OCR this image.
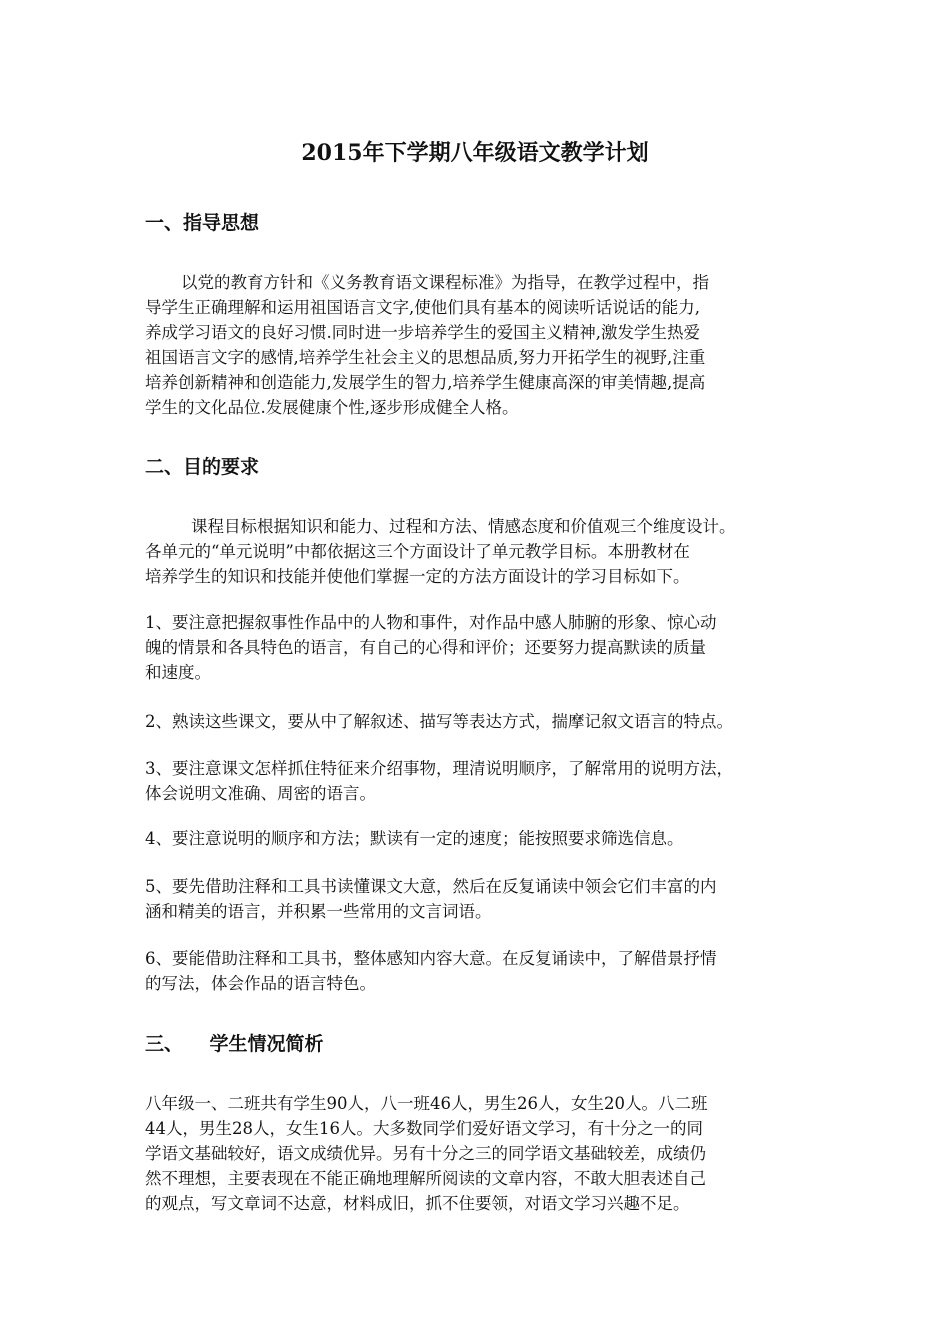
2015年下学期八年级语文教学计划
一、指导思想
以党的教育方针和《义务教育语文课程标准》为指导，在教学过程中，指
导学生正确理解和运用祖国语言文字,使他们具有基本的阅读听话说话的能力,
养成学习语文的良好习惯.同时进一步培养学生的爱国主义精神,激发学生热爱
祖国语言文字的感情,培养学生社会主义的思想品质,努力开拓学生的视野,注重
培养创新精神和创造能力,发展学生的智力,培养学生健康高深的审美情趣,提高
学生的文化品位.发展健康个性,逐步形成健全人格。
二、目的要求
课程目标根据知识和能力、过程和方法、情感态度和价值观三个维度设计。
各单元的“单元说明”中都依据这三个方面设计了单元教学目标。本册教材在
培养学生的知识和技能并使他们掌握一定的方法方面设计的学习目标如下。
1、要注意把握叙事性作品中的人物和事件，对作品中感人肺腑的形象、惊心动
魄的情景和各具特色的语言，有自己的心得和评价；还要努力提高默读的质量
和速度。
2、熟读这些课文，要从中了解叙述、描写等表达方式，揣摩记叙文语言的特点。
3、要注意课文怎样抓住特征来介绍事物，理清说明顺序，了解常用的说明方法，
体会说明文准确、周密的语言。
4、要注意说明的顺序和方法；默读有一定的速度；能按照要求筛选信息。
5、要先借助注释和工具书读懂课文大意，然后在反复诵读中领会它们丰富的内
涵和精美的语言，并积累一些常用的文言词语。
6、要能借助注释和工具书，整体感知内容大意。在反复诵读中，了解借景抒情
的写法，体会作品的语言特色。
三、    学生情况简析
八年级一、二班共有学生90人，八一班46人，男生26人，女生20人。八二班
44人，男生28人，女生16人。大多数同学们爱好语文学习，有十分之一的同
学语文基础较好，语文成绩优异。另有十分之三的同学语文基础较差，成绩仍
然不理想，主要表现在不能正确地理解所阅读的文章内容，不敢大胆表述自己
的观点，写文章词不达意，材料成旧，抓不住要领，对语文学习兴趣不足。
